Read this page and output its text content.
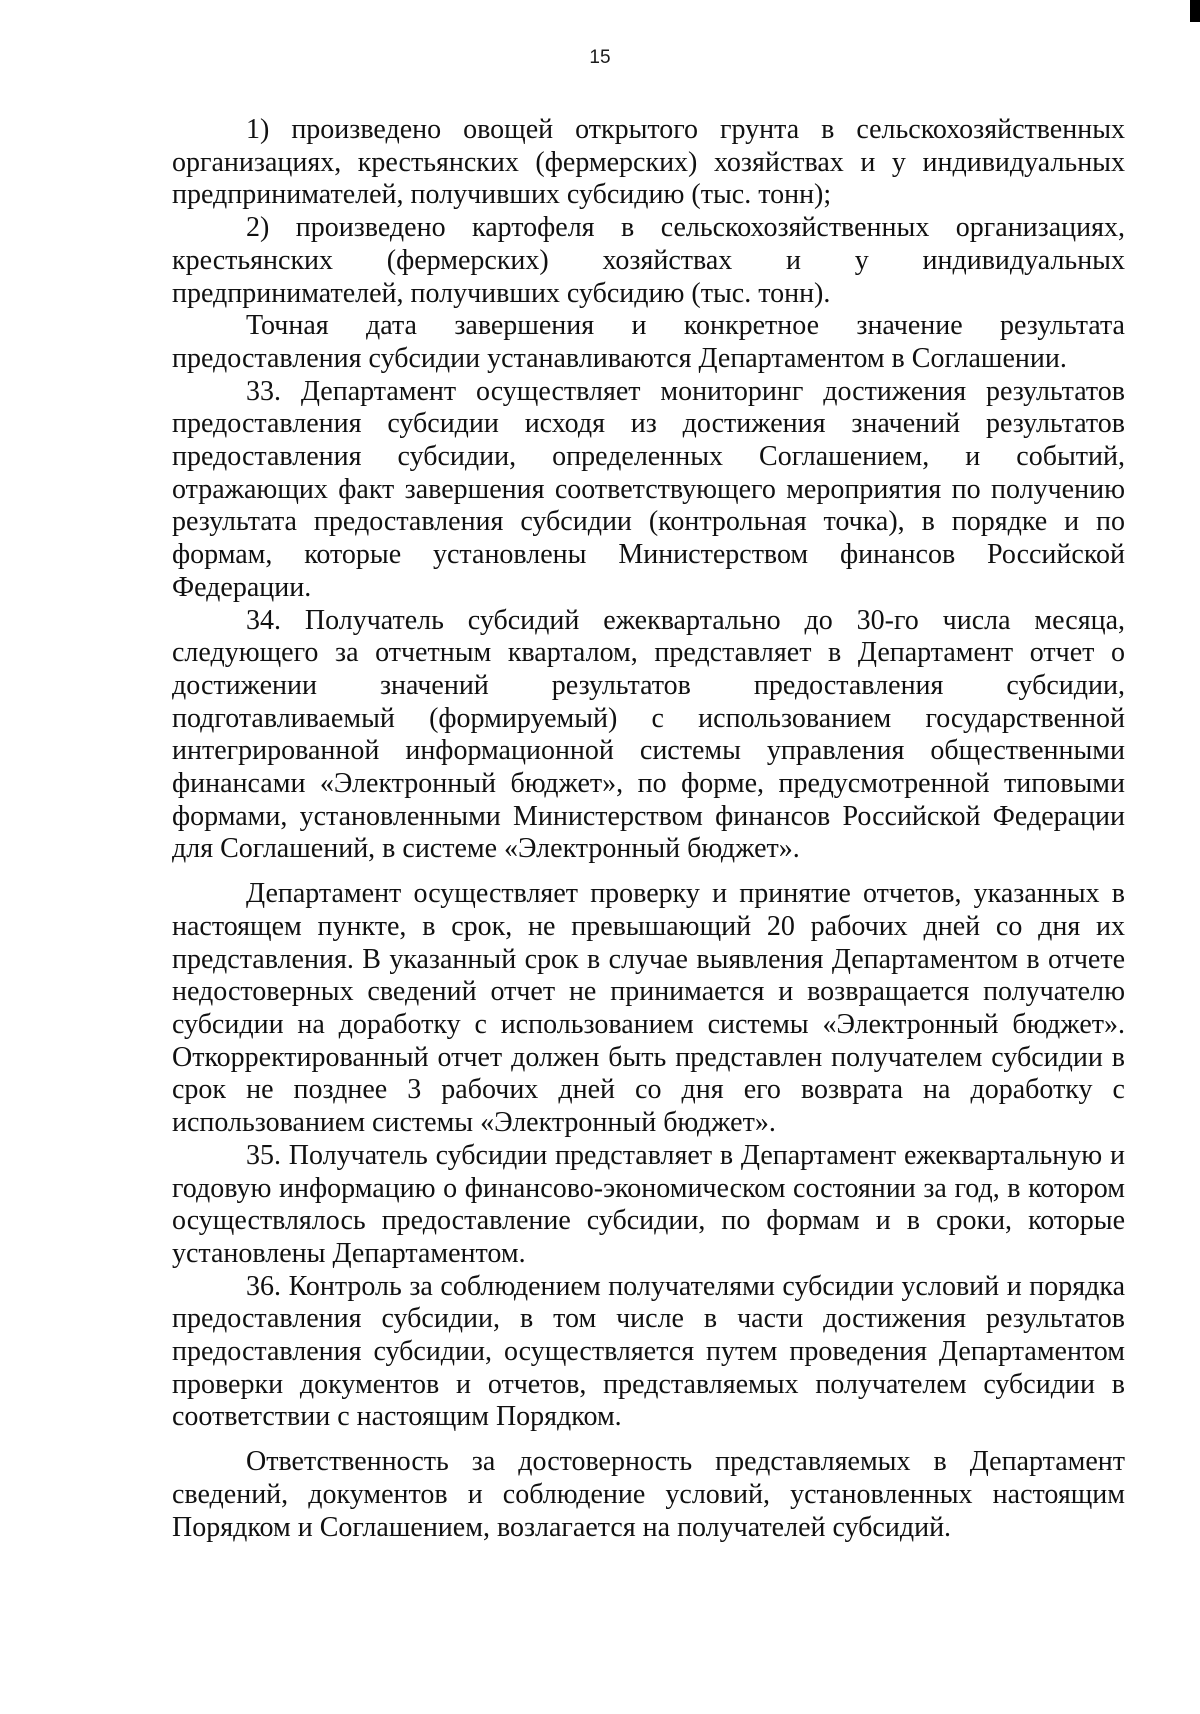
15

1) произведено овощей открытого грунта в сельскохозяйственных организациях, крестьянских (фермерских) хозяйствах и у индивидуальных предпринимателей, получивших субсидию (тыс. тонн);

2) произведено картофеля в сельскохозяйственных организациях, крестьянских (фермерских) хозяйствах и у индивидуальных предпринимателей, получивших субсидию (тыс. тонн).

Точная дата завершения и конкретное значение результата предоставления субсидии устанавливаются Департаментом в Соглашении.

33. Департамент осуществляет мониторинг достижения результатов предоставления субсидии исходя из достижения значений результатов предоставления субсидии, определенных Соглашением, и событий, отражающих факт завершения соответствующего мероприятия по получению результата предоставления субсидии (контрольная точка), в порядке и по формам, которые установлены Министерством финансов Российской Федерации.

34. Получатель субсидий ежеквартально до 30-го числа месяца, следующего за отчетным кварталом, представляет в Департамент отчет о достижении значений результатов предоставления субсидии, подготавливаемый (формируемый) с использованием государственной интегрированной информационной системы управления общественными финансами «Электронный бюджет», по форме, предусмотренной типовыми формами, установленными Министерством финансов Российской Федерации для Соглашений, в системе «Электронный бюджет».

Департамент осуществляет проверку и принятие отчетов, указанных в настоящем пункте, в срок, не превышающий 20 рабочих дней со дня их представления. В указанный срок в случае выявления Департаментом в отчете недостоверных сведений отчет не принимается и возвращается получателю субсидии на доработку с использованием системы «Электронный бюджет». Откорректированный отчет должен быть представлен получателем субсидии в срок не позднее 3 рабочих дней со дня его возврата на доработку с использованием системы «Электронный бюджет».

35. Получатель субсидии представляет в Департамент ежеквартальную и годовую информацию о финансово-экономическом состоянии за год, в котором осуществлялось предоставление субсидии, по формам и в сроки, которые установлены Департаментом.

36. Контроль за соблюдением получателями субсидии условий и порядка предоставления субсидии, в том числе в части достижения результатов предоставления субсидии, осуществляется путем проведения Департаментом проверки документов и отчетов, представляемых получателем субсидии в соответствии с настоящим Порядком.

Ответственность за достоверность представляемых в Департамент сведений, документов и соблюдение условий, установленных настоящим Порядком и Соглашением, возлагается на получателей субсидий.
